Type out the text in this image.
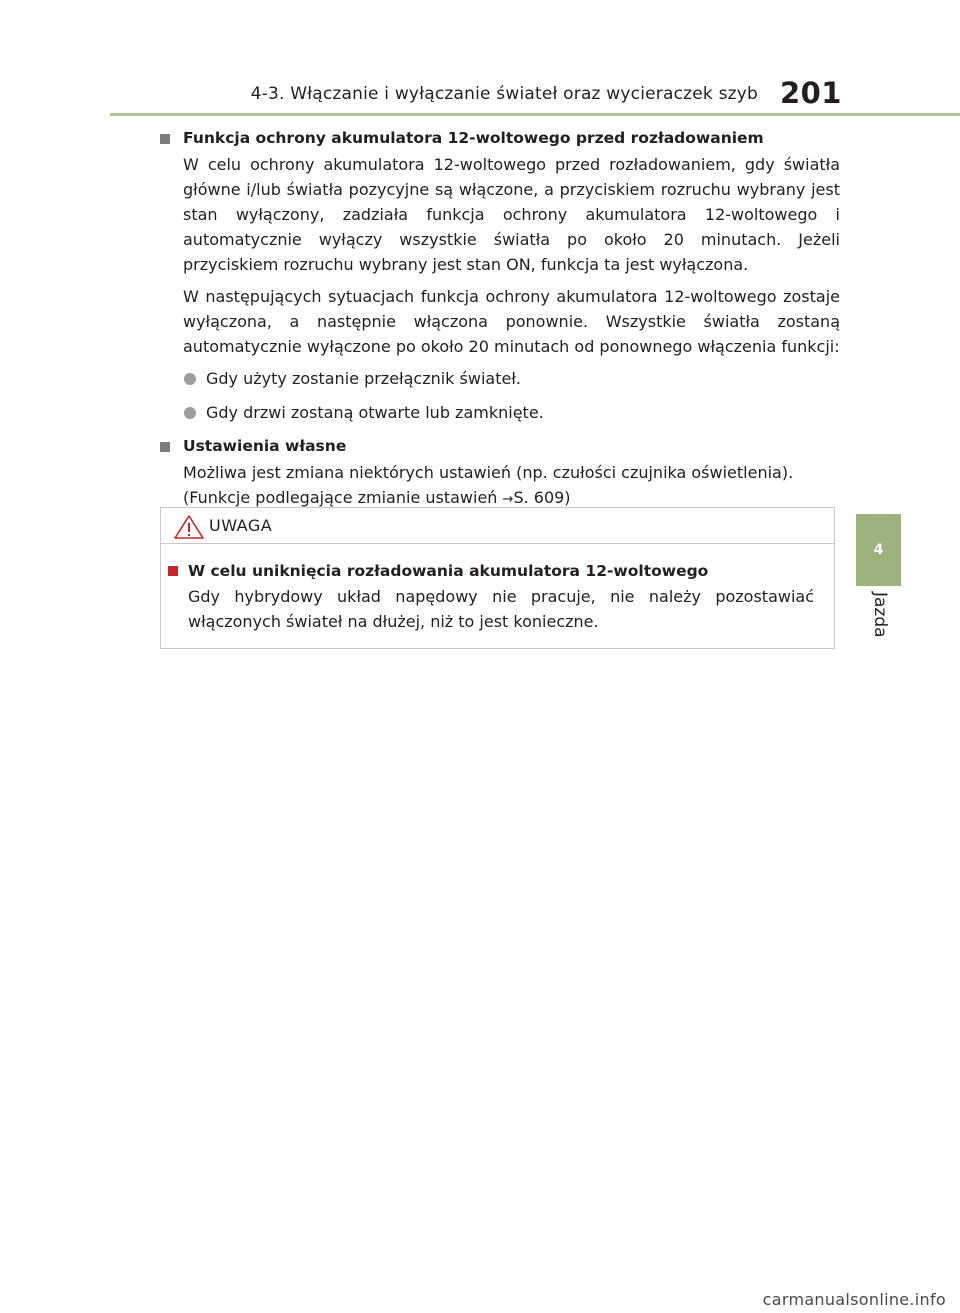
4-3. Włączanie i wyłączanie świateł oraz wycieraczek szyb 201
4
Jazda
Funkcja ochrony akumulatora 12-woltowego przed rozładowaniem
W celu ochrony akumulatora 12-woltowego przed rozładowaniem, gdy światła główne i/lub światła pozycyjne są włączone, a przyciskiem rozruchu wybrany jest stan wyłączony, zadziała funkcja ochrony akumulatora 12-woltowego i automatycznie wyłączy wszystkie światła po około 20 minutach. Jeżeli przyciskiem rozruchu wybrany jest stan ON, funkcja ta jest wyłączona.
W następujących sytuacjach funkcja ochrony akumulatora 12-woltowego zostaje wyłączona, a następnie włączona ponownie. Wszystkie światła zostaną automatycznie wyłączone po około 20 minutach od ponownego włączenia funkcji:
Gdy użyty zostanie przełącznik świateł.
Gdy drzwi zostaną otwarte lub zamknięte.
Ustawienia własne
Możliwa jest zmiana niektórych ustawień (np. czułości czujnika oświetlenia).
(Funkcje podlegające zmianie ustawień →S. 609)
UWAGA
W celu uniknięcia rozładowania akumulatora 12-woltowego
Gdy hybrydowy układ napędowy nie pracuje, nie należy pozostawiać włączonych świateł na dłużej, niż to jest konieczne.
carmanualsonline.info
